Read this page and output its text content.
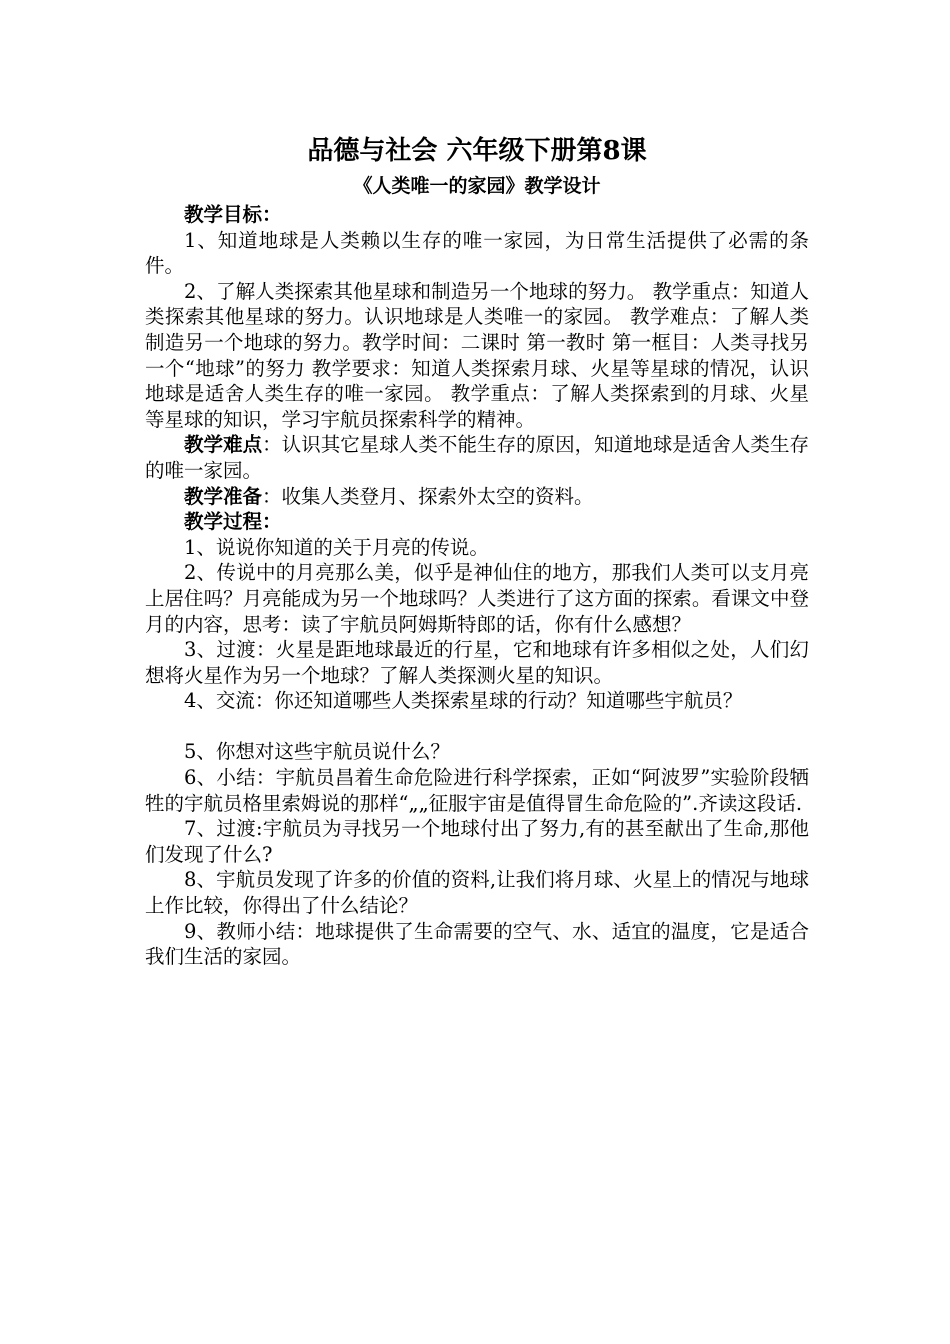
品德与社会 六年级下册第8课
《人类唯一的家园》教学设计

教学目标：

1、知道地球是人类赖以生存的唯一家园，为日常生活提供了必需的条件。

2、了解人类探索其他星球和制造另一个地球的努力。 教学重点：知道人类探索其他星球的努力。认识地球是人类唯一的家园。 教学难点：了解人类制造另一个地球的努力。教学时间：二课时 第一教时 第一框目：人类寻找另一个“地球”的努力 教学要求：知道人类探索月球、火星等星球的情况，认识地球是适舍人类生存的唯一家园。 教学重点：了解人类探索到的月球、火星等星球的知识，学习宇航员探索科学的精神。

教学难点：认识其它星球人类不能生存的原因，知道地球是适舍人类生存的唯一家园。

教学准备：收集人类登月、探索外太空的资料。

教学过程：

1、说说你知道的关于月亮的传说。

2、传说中的月亮那么美，似乎是神仙住的地方，那我们人类可以支月亮上居住吗？月亮能成为另一个地球吗？人类进行了这方面的探索。看课文中登月的内容，思考：读了宇航员阿姆斯特郎的话，你有什么感想？

3、过渡：火星是距地球最近的行星，它和地球有许多相似之处，人们幻想将火星作为另一个地球？了解人类探测火星的知识。

4、交流：你还知道哪些人类探索星球的行动？知道哪些宇航员？

5、你想对这些宇航员说什么？

6、小结：宇航员昌着生命危险进行科学探索，正如“阿波罗”实验阶段牺牲的宇航员格里索姆说的那样“„„征服宇宙是值得冒生命危险的”.齐读这段话.

7、过渡:宇航员为寻找另一个地球付出了努力,有的甚至献出了生命,那他们发现了什么?

8、宇航员发现了许多的价值的资料,让我们将月球、火星上的情况与地球上作比较，你得出了什么结论？

9、教师小结：地球提供了生命需要的空气、水、适宜的温度，它是适合我们生活的家园。
